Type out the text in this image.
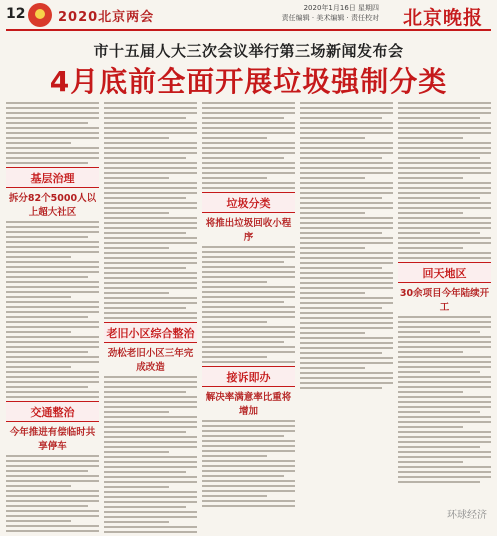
12	2020北京两会
2020年1月16日 星期四
责任编辑 · 美术编辑 · 责任校对 北京晚报
市十五届人大三次会议举行第三场新闻发布会
4月底前全面开展垃圾强制分类
基层治理
拆分82个5000人以上超大社区
交通整治
今年推进有偿临时共享停车
老旧小区综合整治
劲松老旧小区三年完成改造
垃圾分类
将推出垃圾回收小程序
接诉即办
解决率满意率比重将增加
回天地区
30余项目今年陆续开工
环球经济
